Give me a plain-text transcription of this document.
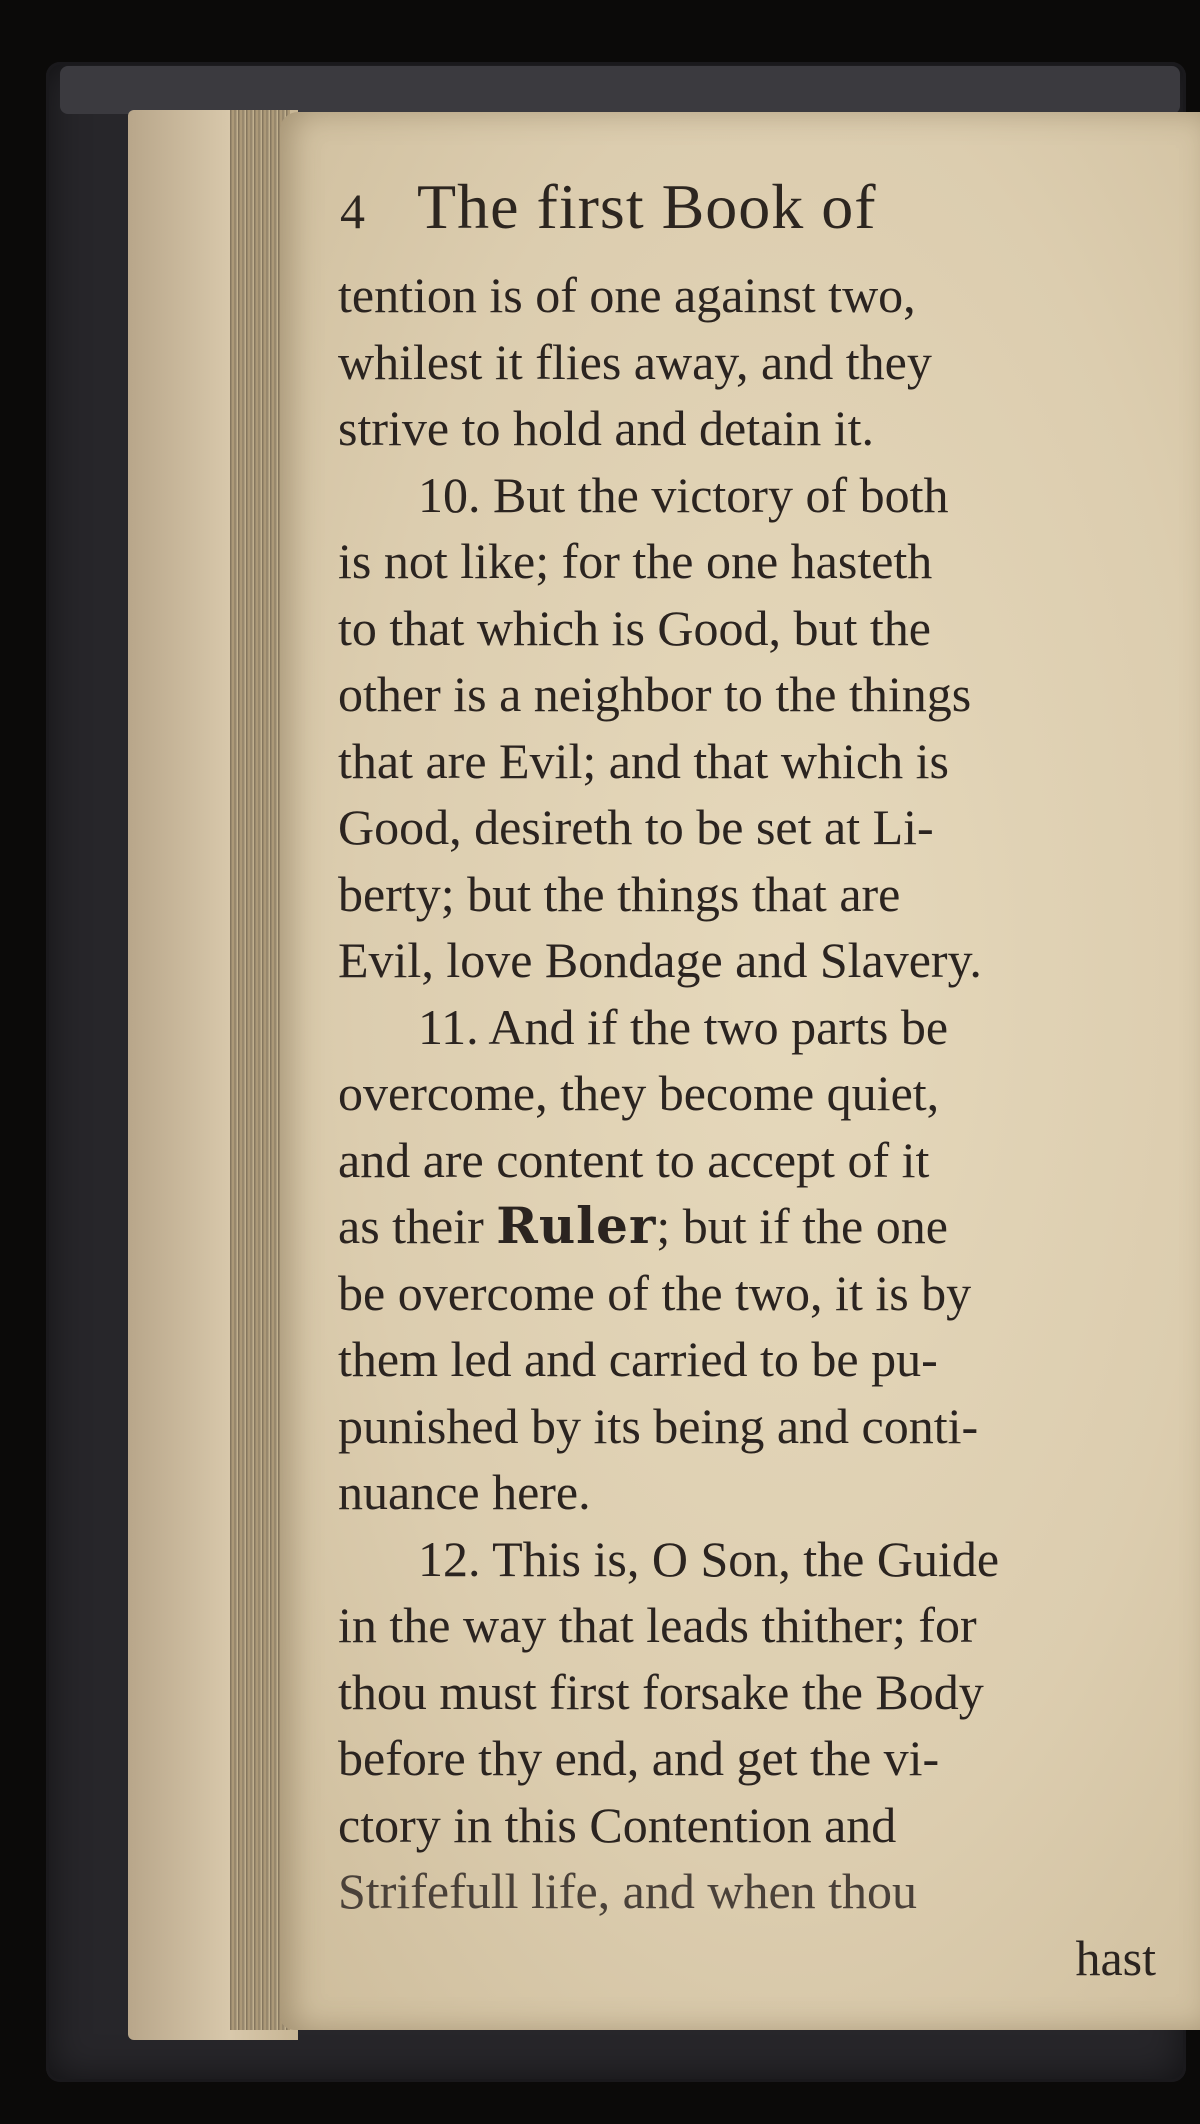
4 The first Book of
tention is of one against two,
whilest it flies away, and they
strive to hold and detain it.
10. But the victory of both
is not like; for the one hasteth
to that which is Good, but the
other is a neighbor to the things
that are Evil; and that which is
Good, desireth to be set at Li-
berty; but the things that are
Evil, love Bondage and Slavery.
11. And if the two parts be
overcome, they become quiet,
and are content to accept of it
as their Ruler; but if the one
be overcome of the two, it is by
them led and carried to be pu-
punished by its being and conti-
nuance here.
12. This is, O Son, the Guide
in the way that leads thither; for
thou must first forsake the Body
before thy end, and get the vi-
ctory in this Contention and
Strifefull life, and when thou
hast
